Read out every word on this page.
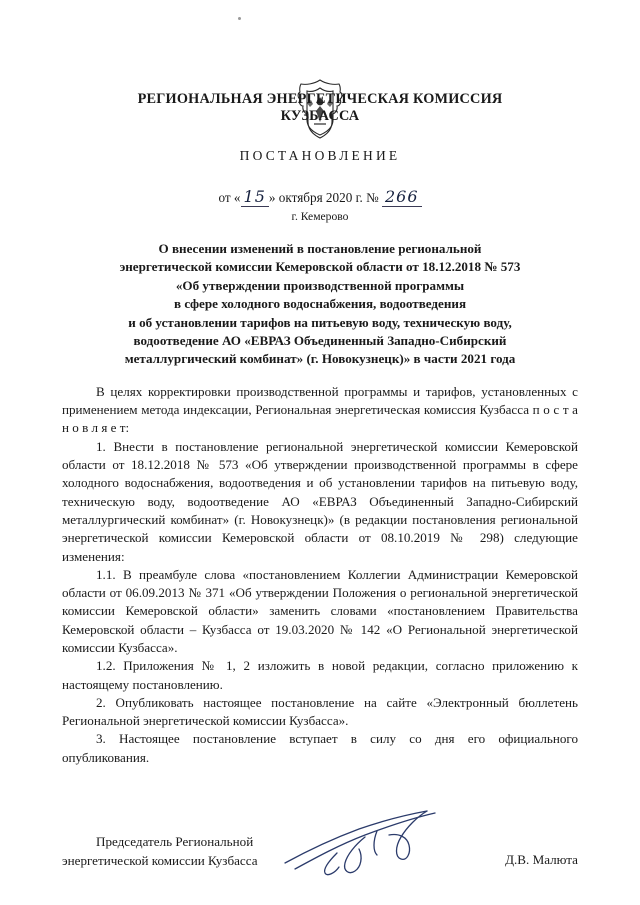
РЕГИОНАЛЬНАЯ ЭНЕРГЕТИЧЕСКАЯ КОМИССИЯ
КУЗБАССА
ПОСТАНОВЛЕНИЕ
от « 15 » октября 2020 г. № 266
г. Кемерово
О внесении изменений в постановление региональной
энергетической комиссии Кемеровской области от 18.12.2018 № 573
«Об утверждении производственной программы
в сфере холодного водоснабжения, водоотведения
и об установлении тарифов на питьевую воду, техническую воду,
водоотведение АО «ЕВРАЗ Объединенный Западно-Сибирский
металлургический комбинат» (г. Новокузнецк)» в части 2021 года

В целях корректировки производственной программы и тарифов, установленных с применением метода индексации, Региональная энергетическая комиссия Кузбасса п о с т а н о в л я е т:

1. Внести в постановление региональной энергетической комиссии Кемеровской области от 18.12.2018 № 573 «Об утверждении производственной программы в сфере холодного водоснабжения, водоотведения и об установлении тарифов на питьевую воду, техническую воду, водоотведение АО «ЕВРАЗ Объединенный Западно-Сибирский металлургический комбинат» (г. Новокузнецк)» (в редакции постановления региональной энергетической комиссии Кемеровской области от 08.10.2019 № 298) следующие изменения:

1.1. В преамбуле слова «постановлением Коллегии Администрации Кемеровской области от 06.09.2013 № 371 «Об утверждении Положения о региональной энергетической комиссии Кемеровской области» заменить словами «постановлением Правительства Кемеровской области – Кузбасса от 19.03.2020 № 142 «О Региональной энергетической комиссии Кузбасса».

1.2. Приложения № 1, 2 изложить в новой редакции, согласно приложению к настоящему постановлению.

2. Опубликовать настоящее постановление на сайте «Электронный бюллетень Региональной энергетической комиссии Кузбасса».

3. Настоящее постановление вступает в силу со дня его официального опубликования.

Председатель Региональной
энергетической комиссии Кузбасса	Д.В. Малюта
